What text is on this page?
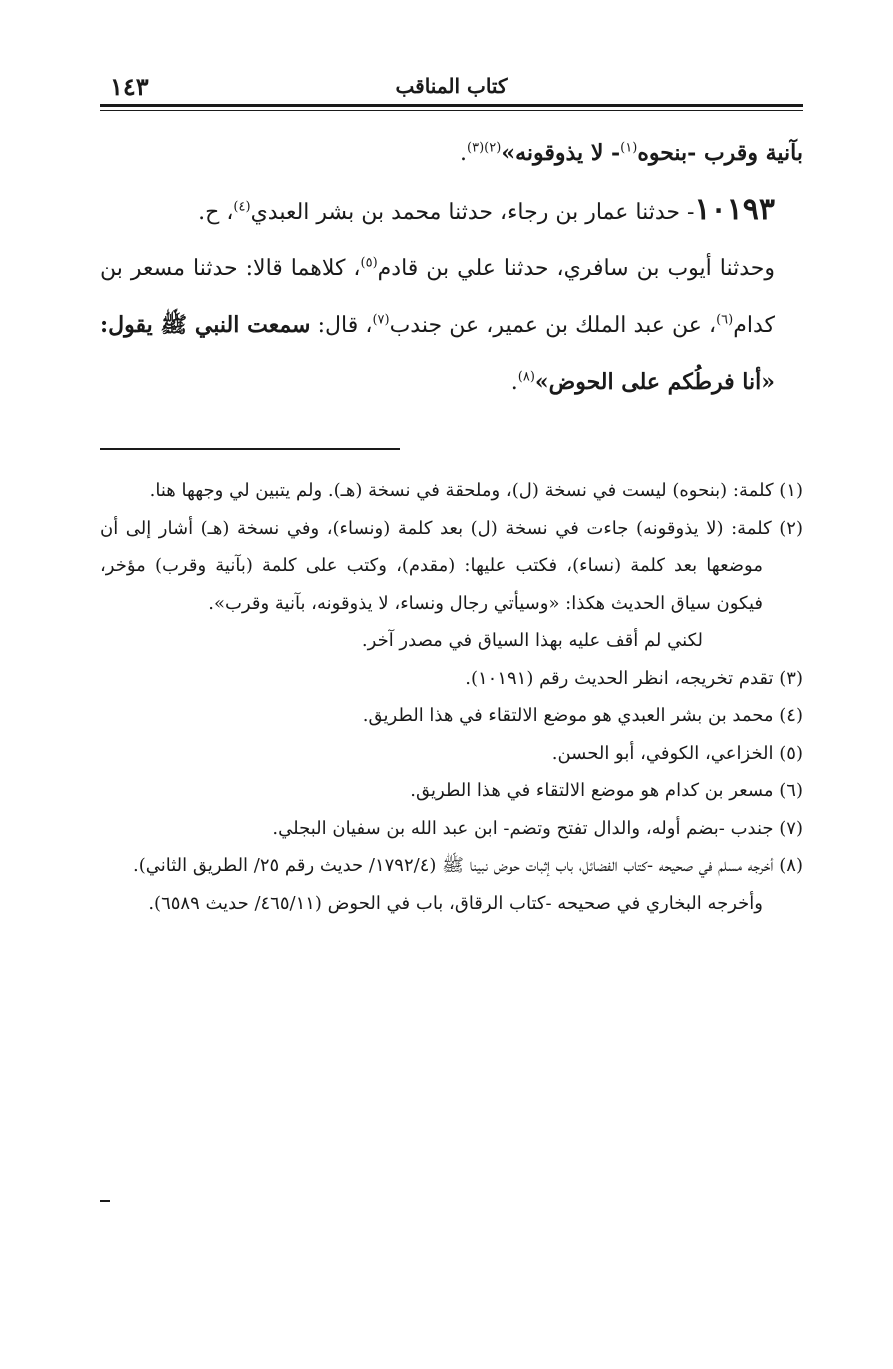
كتاب المناقب
١٤٣

بآنية وقرب -بنحوه$^{(١)}$- لا يذوقونه»$^{(٢)(٣)}$.

١٠١٩٣- حدثنا عمار بن رجاء، حدثنا محمد بن بشر العبدي$^{(٤)}$، ح.

وحدثنا أيوب بن سافري، حدثنا علي بن قادم$^{(٥)}$، كلاهما قالا: حدثنا مسعر بن كدام$^{(٦)}$، عن عبد الملك بن عمير، عن جندب$^{(٧)}$، قال: سمعت النبي ﷺ يقول: «أنا فرطُكم على الحوض»$^{(٨)}$.

(١) كلمة: (بنحوه) ليست في نسخة (ل)، وملحقة في نسخة (هـ). ولم يتبين لي وجهها هنا.

(٢) كلمة: (لا يذوقونه) جاءت في نسخة (ل) بعد كلمة (ونساء)، وفي نسخة (هـ) أشار إلى أن موضعها بعد كلمة (نساء)، فكتب عليها: (مقدم)، وكتب على كلمة (بآنية وقرب) مؤخر، فيكون سياق الحديث هكذا: «وسيأتي رجال ونساء، لا يذوقونه، بآنية وقرب».

لكني لم أقف عليه بهذا السياق في مصدر آخر.

(٣) تقدم تخريجه، انظر الحديث رقم (١٠١٩١).

(٤) محمد بن بشر العبدي هو موضع الالتقاء في هذا الطريق.

(٥) الخزاعي، الكوفي، أبو الحسن.

(٦) مسعر بن كدام هو موضع الالتقاء في هذا الطريق.

(٧) جندب -بضم أوله، والدال تفتح وتضم- ابن عبد الله بن سفيان البجلي.

(٨) أخرجه مسلم في صحيحه -كتاب الفضائل، باب إثبات حوض نبينا ﷺ (١٧٩٢/٤/ حديث رقم ٢٥/ الطريق الثاني).

وأخرجه البخاري في صحيحه -كتاب الرقاق، باب في الحوض (٤٦٥/١١/ حديث ٦٥٨٩).
